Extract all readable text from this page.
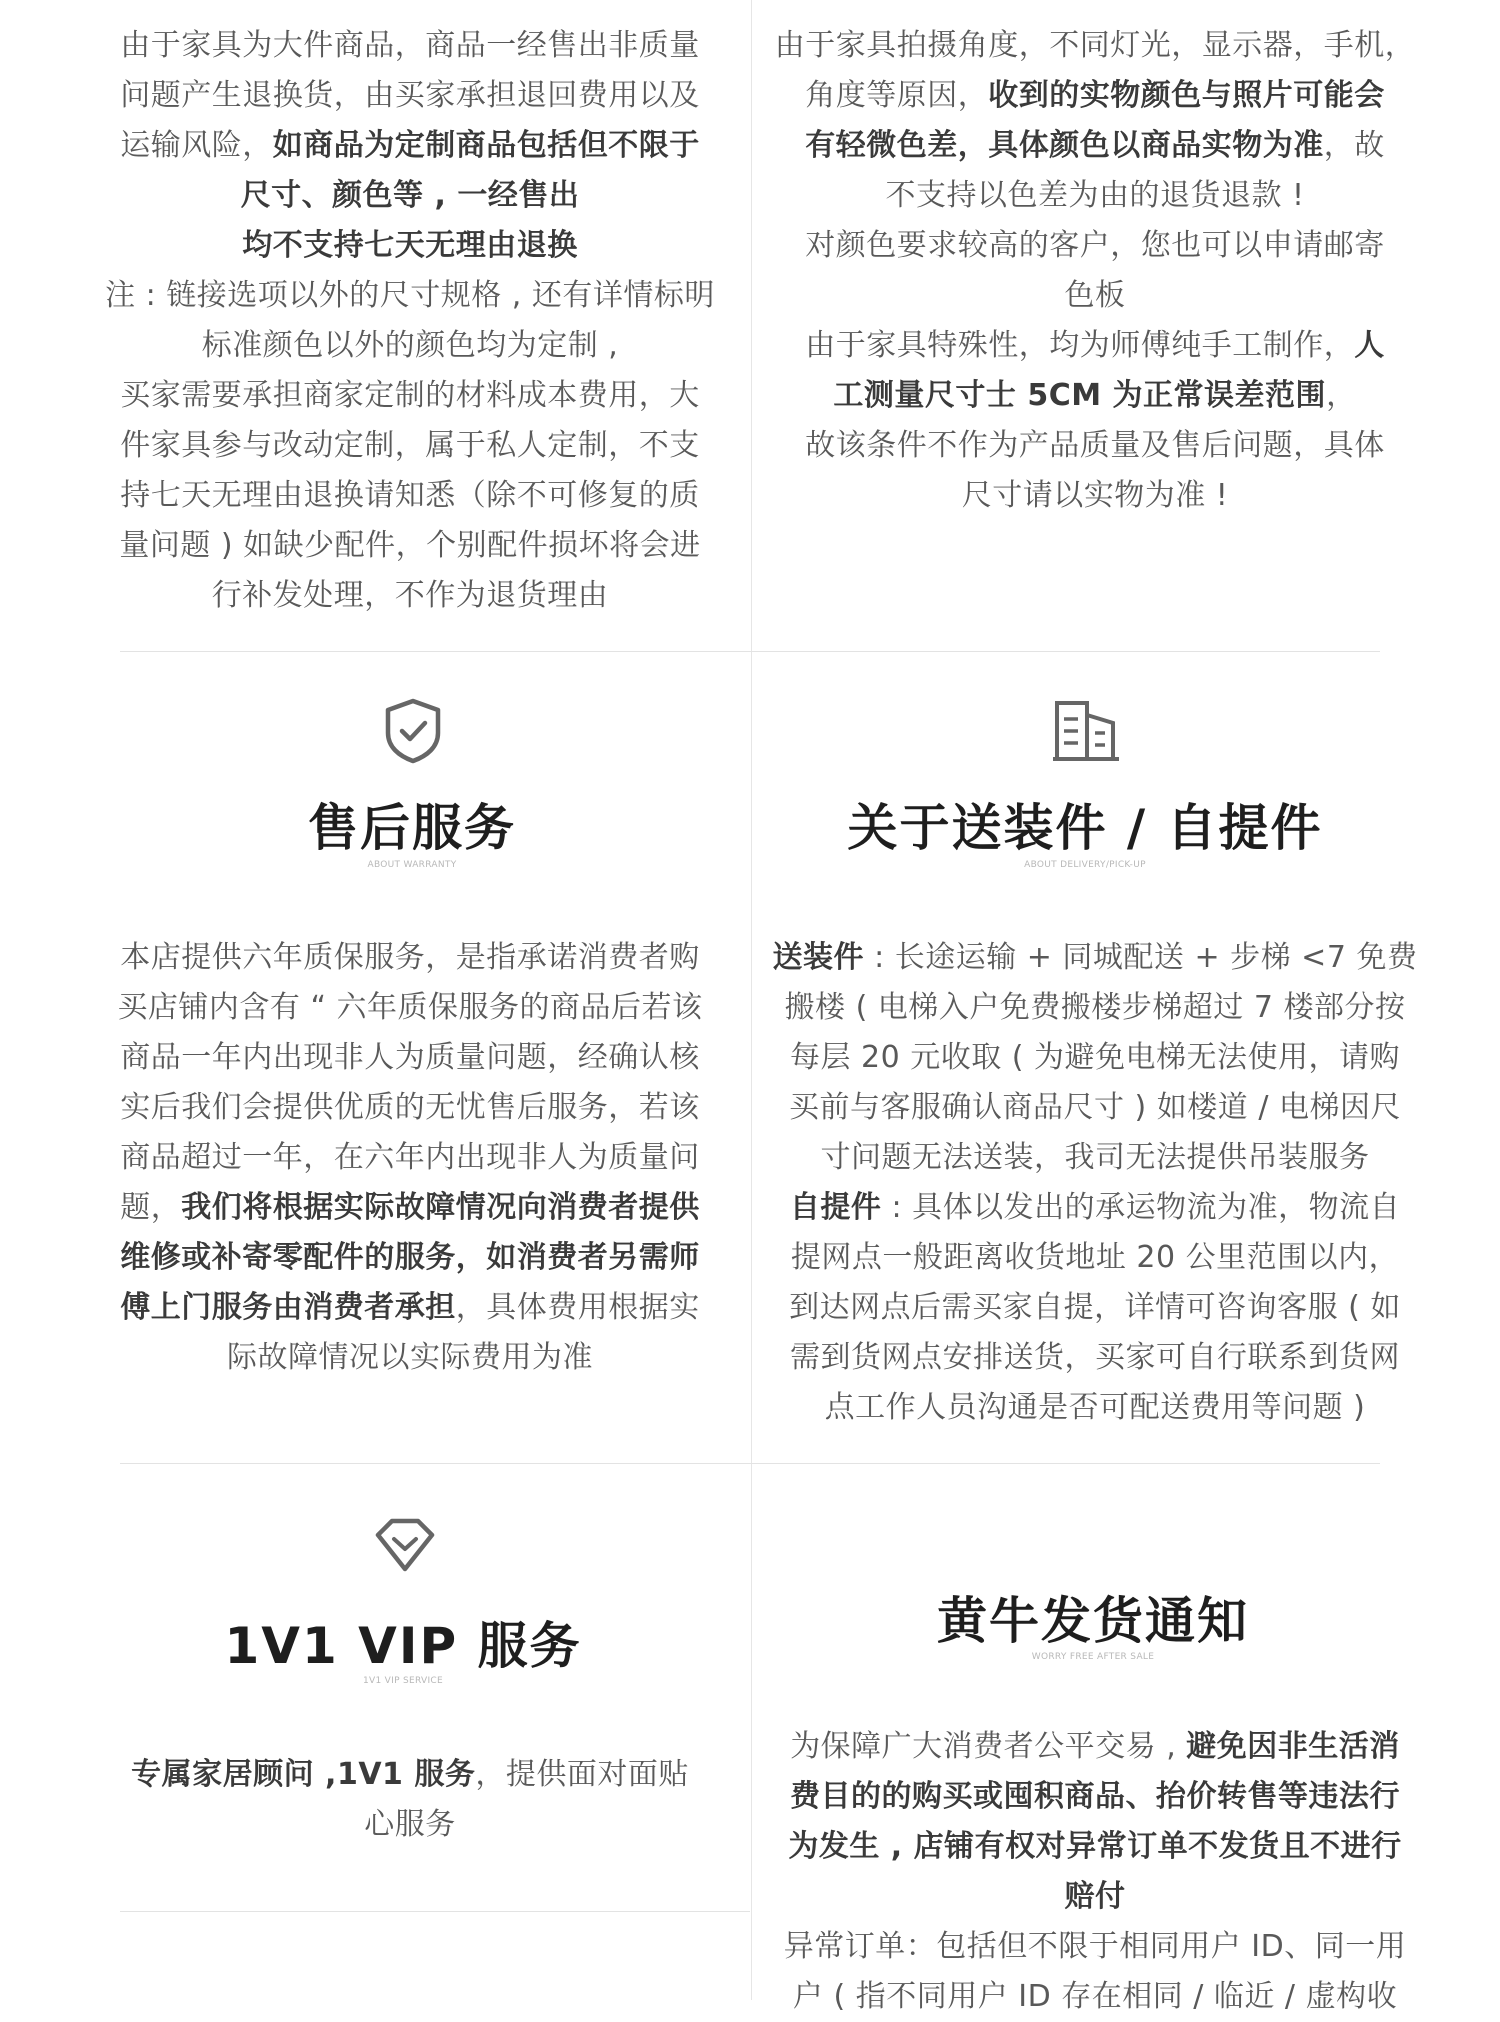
由于家具为大件商品，商品一经售出非质量
问题产生退换货，由买家承担退回费用以及
运输风险，如商品为定制商品包括但不限于
尺寸、颜色等 , 一经售出
均不支持七天无理由退换
注 : 链接选项以外的尺寸规格 , 还有详情标明
标准颜色以外的颜色均为定制 ,
买家需要承担商家定制的材料成本费用，大
件家具参与改动定制，属于私人定制，不支
持七天无理由退换请知悉（除不可修复的质
量问题 ) 如缺少配件，个别配件损坏将会进
行补发处理，不作为退货理由
由于家具拍摄角度，不同灯光，显示器，手机，
角度等原因，收到的实物颜色与照片可能会
有轻微色差，具体颜色以商品实物为准，故
不支持以色差为由的退货退款 !
对颜色要求较高的客户，您也可以申请邮寄
色板
由于家具特殊性，均为师傅纯手工制作，人
工测量尺寸士 5CM 为正常误差范围，
故该条件不作为产品质量及售后问题，具体
尺寸请以实物为准 !
售后服务
ABOUT WARRANTY
本店提供六年质保服务，是指承诺消费者购
买店铺内含有 “ 六年质保服务的商品后若该
商品一年内出现非人为质量问题，经确认核
实后我们会提供优质的无忧售后服务，若该
商品超过一年，在六年内出现非人为质量问
题，我们将根据实际故障情况向消费者提供
维修或补寄零配件的服务，如消费者另需师
傅上门服务由消费者承担，具体费用根据实
际故障情况以实际费用为准
关于送装件 / 自提件
ABOUT DELIVERY/PICK-UP
送装件 : 长途运输 + 同城配送 + 步梯 <7 免费
搬楼 ( 电梯入户免费搬楼步梯超过 7 楼部分按
每层 20 元收取 ( 为避免电梯无法使用，请购
买前与客服确认商品尺寸 ) 如楼道 / 电梯因尺
寸问题无法送装，我司无法提供吊装服务
自提件 : 具体以发出的承运物流为准，物流自
提网点一般距离收货地址 20 公里范围以内，
到达网点后需买家自提，详情可咨询客服 ( 如
需到货网点安排送货，买家可自行联系到货网
点工作人员沟通是否可配送费用等问题 )
1V1 VIP 服务
1V1 VIP SERVICE
专属家居顾问 ,1V1 服务，提供面对面贴
心服务
黄牛发货通知
WORRY FREE AFTER SALE
为保障广大消费者公平交易 , 避免因非生活消
费目的的购买或囤积商品、抬价转售等违法行
为发生 , 店铺有权对异常订单不发货且不进行
赔付
异常订单：包括但不限于相同用户 ID、同一用
户 ( 指不同用户 ID 存在相同 / 临近 / 虚构收
